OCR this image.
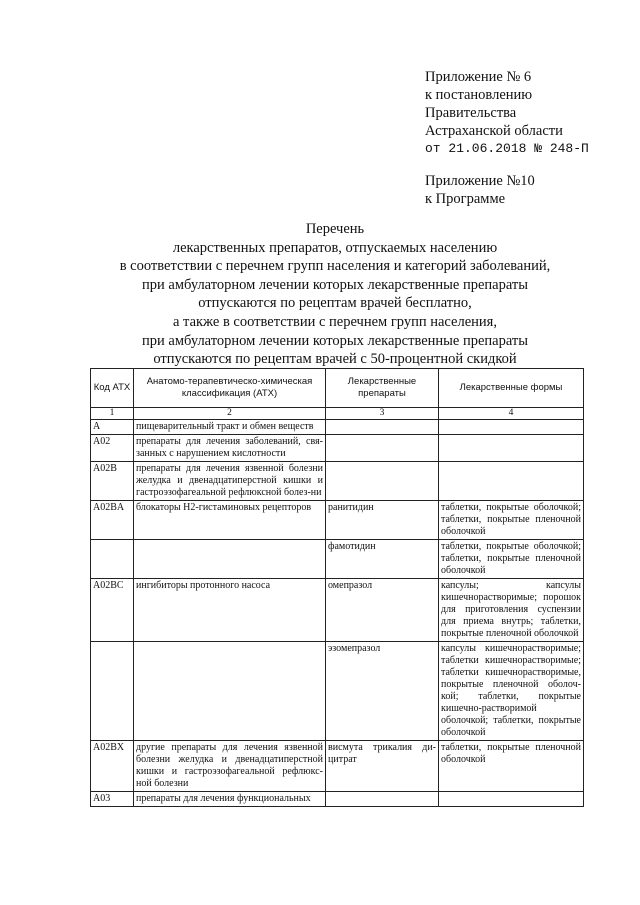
Приложение № 6
к постановлению
Правительства
Астраханской области
от 21.06.2018 № 248-П
Приложение №10
к Программе
Перечень
лекарственных препаратов, отпускаемых населению
в соответствии с перечнем групп населения и категорий заболеваний,
при амбулаторном лечении которых лекарственные препараты
отпускаются по рецептам врачей бесплатно,
а также в соответствии с перечнем групп населения,
при амбулаторном лечении которых лекарственные препараты
отпускаются по рецептам врачей с 50-процентной скидкой
Код АТХ	Анатомо-терапевтическо-химическая классификация (АТХ)	Лекарственные препараты	Лекарственные формы
1	2	3	4
A	пищеварительный тракт и обмен веществ		
A02	препараты для лечения заболеваний, свя-занных с нарушением кислотности		
A02B	препараты для лечения язвенной болезни желудка и двенадцатиперстной кишки и гастроэзофагеальной рефлюксной болез-ни		
A02BA	блокаторы Н2-гистаминовых рецепторов	ранитидин	таблетки, покрытые оболочкой; таблетки, покрытые пленочной оболочкой
		фамотидин	таблетки, покрытые оболочкой; таблетки, покрытые пленочной оболочкой
A02BC	ингибиторы протонного насоса	омепразол	капсулы; капсулы кишечнорастворимые; порошок для приготовления суспензии для приема внутрь; таблетки, покрытые пленочной оболочкой
		эзомепразол	капсулы кишечнорастворимые; таблетки кишечнорастворимые; таблетки кишечнорастворимые, покрытые пленочной оболоч-кой; таблетки, покрытые кишечно-растворимой оболочкой; таблетки, покрытые оболочкой
A02BX	другие препараты для лечения язвенной болезни желудка и двенадцатиперстной кишки и гастроэзофагеальной рефлюкс-ной болезни	висмута трикалия ди-цитрат	таблетки, покрытые пленочной оболочкой
A03	препараты для лечения функциональных		
